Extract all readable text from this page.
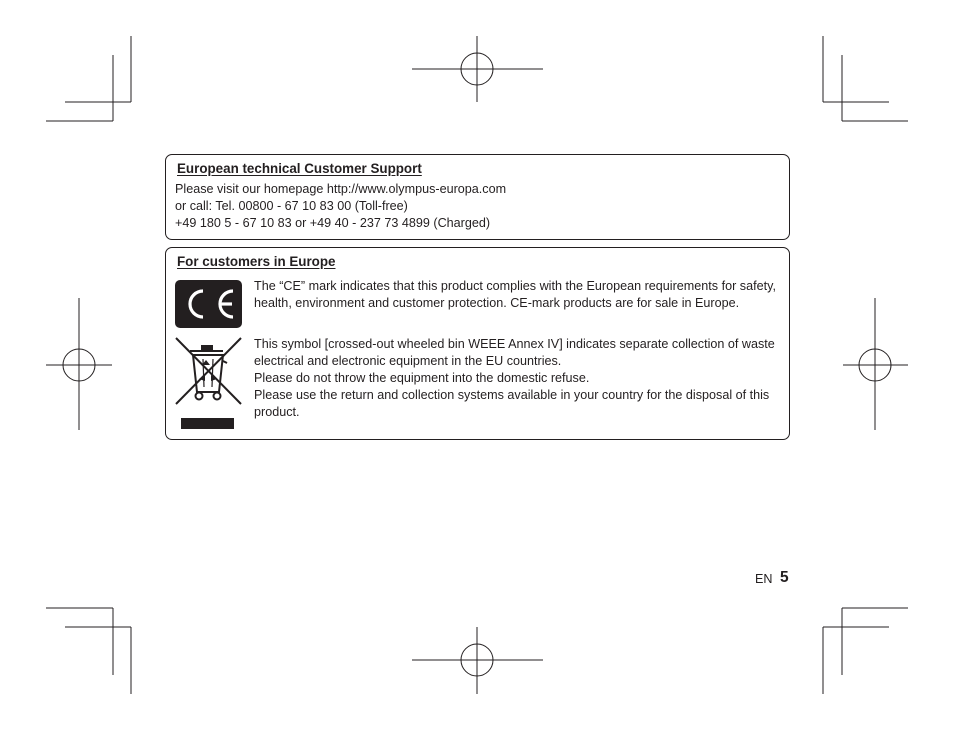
European technical Customer Support
Please visit our homepage http://www.olympus-europa.com
or call: Tel. 00800 - 67 10 83 00 (Toll-free)
+49 180 5 - 67 10 83 or +49 40 - 237 73 4899 (Charged)
For customers in Europe
The “CE” mark indicates that this product complies with the European requirements for safety, health, environment and customer protection. CE-mark products are for sale in Europe.
This symbol [crossed-out wheeled bin WEEE Annex IV] indicates separate collection of waste electrical and electronic equipment in the EU countries.
Please do not throw the equipment into the domestic refuse.
Please use the return and collection systems available in your country for the disposal of this product.
EN 5
